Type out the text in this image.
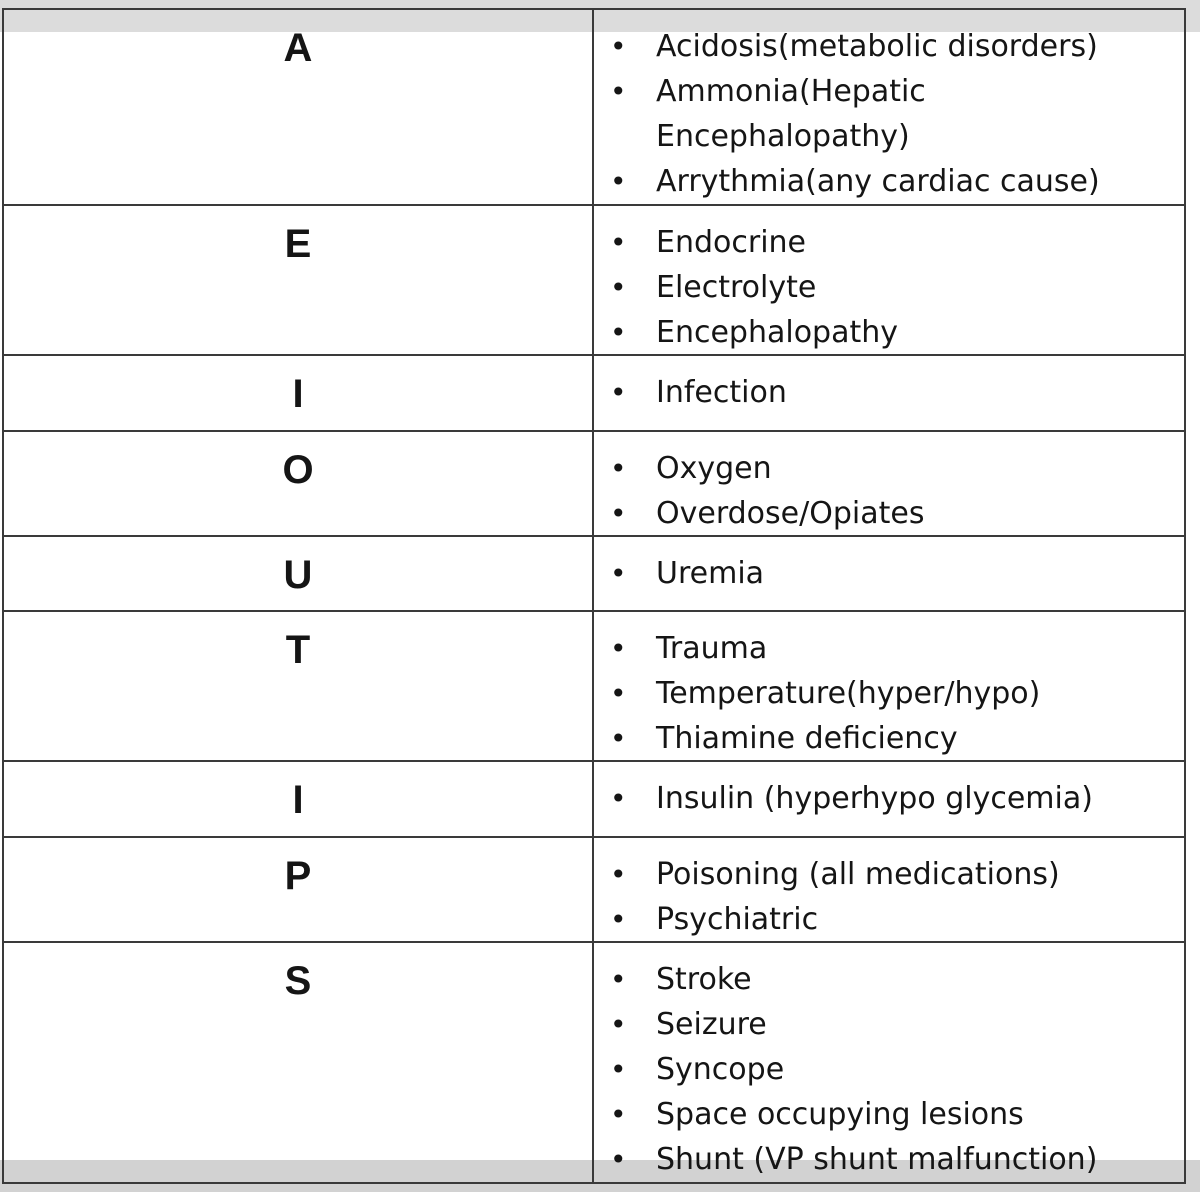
A	• Acidosis(metabolic disorders)
• Ammonia(Hepatic Encephalopathy)
• Arrythmia(any cardiac cause)
E	• Endocrine
• Electrolyte
• Encephalopathy
I	• Infection
O	• Oxygen
• Overdose/Opiates
U	• Uremia
T	• Trauma
• Temperature(hyper/hypo)
• Thiamine deficiency
I	• Insulin (hyperhypo glycemia)
P	• Poisoning (all medications)
• Psychiatric
S	• Stroke
• Seizure
• Syncope
• Space occupying lesions
• Shunt (VP shunt malfunction)
